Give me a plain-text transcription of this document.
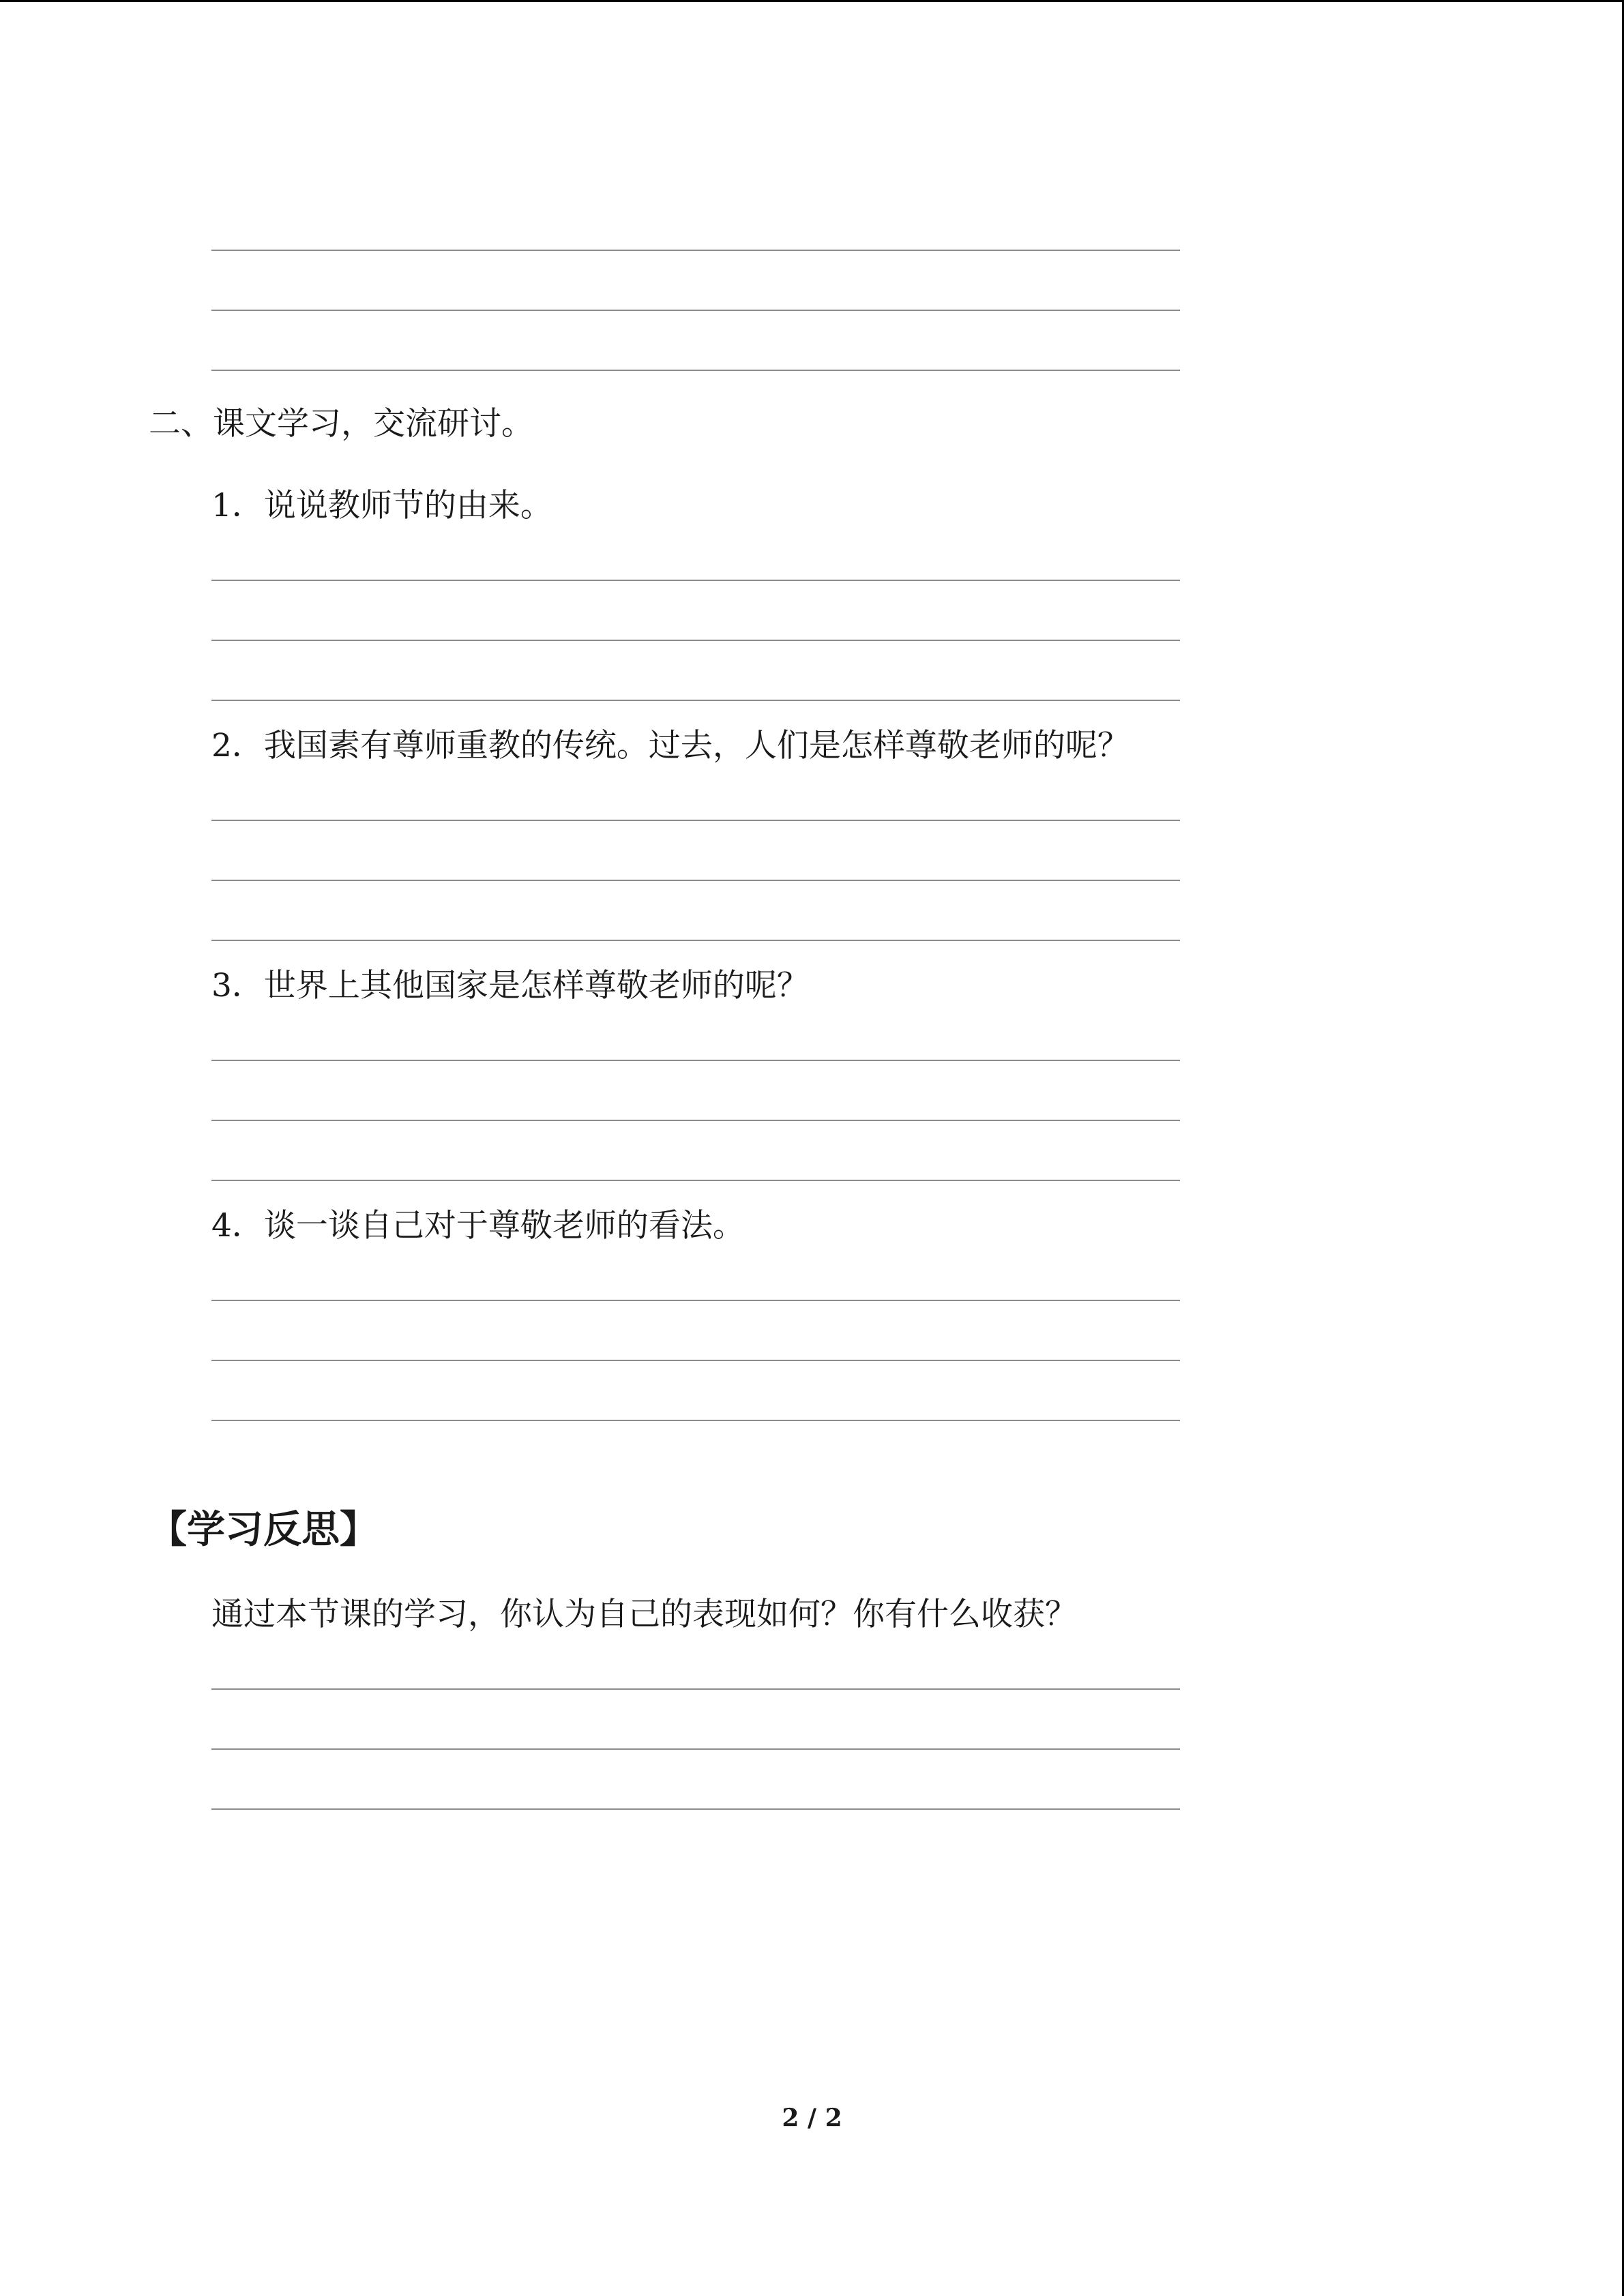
二、课文学习，交流研讨。
1．说说教师节的由来。
2．我国素有尊师重教的传统。过去，人们是怎样尊敬老师的呢？
3．世界上其他国家是怎样尊敬老师的呢？
4．谈一谈自己对于尊敬老师的看法。
【学习反思】
通过本节课的学习，你认为自己的表现如何？你有什么收获？
2 / 2
